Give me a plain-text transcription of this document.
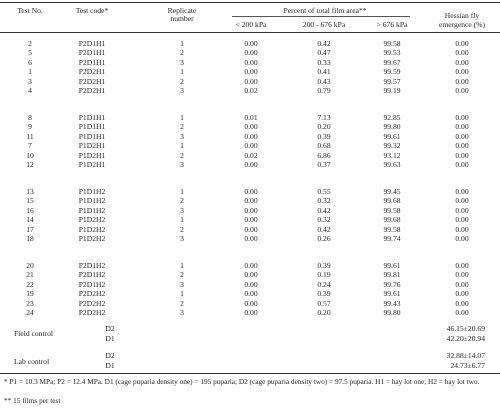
Test No.	Test code*	Replicate
number
Percent of total film area**
< 200 kPa	200 - 676 kPa	> 676 kPa
Hessian fly
emergence (%)
2	P2D1H1	1	0.00	0.42	99.58	0.00
5	P2D1H1	2	0.00	0.47	99.53	0.00
6	P2D1H1	3	0.00	0.33	99.67	0.00
1	P2D2H1	1	0.00	0.41	99.59	0.00
3	P2D2H1	2	0.00	0.43	99.57	0.00
4	P2D2H1	3	0.02	0.79	99.19	0.00
8	P1D1H1	1	0.01	7.13	92.85	0.00
9	P1D1H1	2	0.00	0.20	99.80	0.00
11	P1D1H1	3	0.00	0.39	99.61	0.00
7	P1D2H1	1	0.00	0.68	99.32	0.00
10	P1D2H1	2	0.02	6.86	93.12	0.00
12	P1D2H1	3	0.00	0.37	99.63	0.00
13	P1D1H2	1	0.00	0.55	99.45	0.00
15	P1D1H2	2	0.00	0.32	99.68	0.00
16	P1D1H2	3	0.00	0.42	99.58	0.00
14	P1D2H2	1	0.00	0.32	99.68	0.00
17	P1D2H2	2	0.00	0.42	99.58	0.00
18	P1D2H2	3	0.00	0.26	99.74	0.00
20	P2D1H2	1	0.00	0.39	99.61	0.00
21	P2D1H2	2	0.00	0.19	99.81	0.00
22	P2D1H2	3	0.00	0.24	99.76	0.00
19	P2D2H2	1	0.00	0.39	99.61	0.00
23	P2D2H2	2	0.00	0.57	99.43	0.00
24	P2D2H2	3	0.00	0.20	99.80	0.00
Field control
D2	46.15±20.69
D1	42.20±20.94
Lab control
D2	32.88±14.07
D1	24.73±6.77
* P1 = 10.3 MPa; P2 = 12.4 MPa. D1 (cage puparia density one) = 195 puparia; D2 (cage puparia density two) = 97.5 puparia. H1 = hay lot one; H2 = hay lot two.
** 15 films per test
